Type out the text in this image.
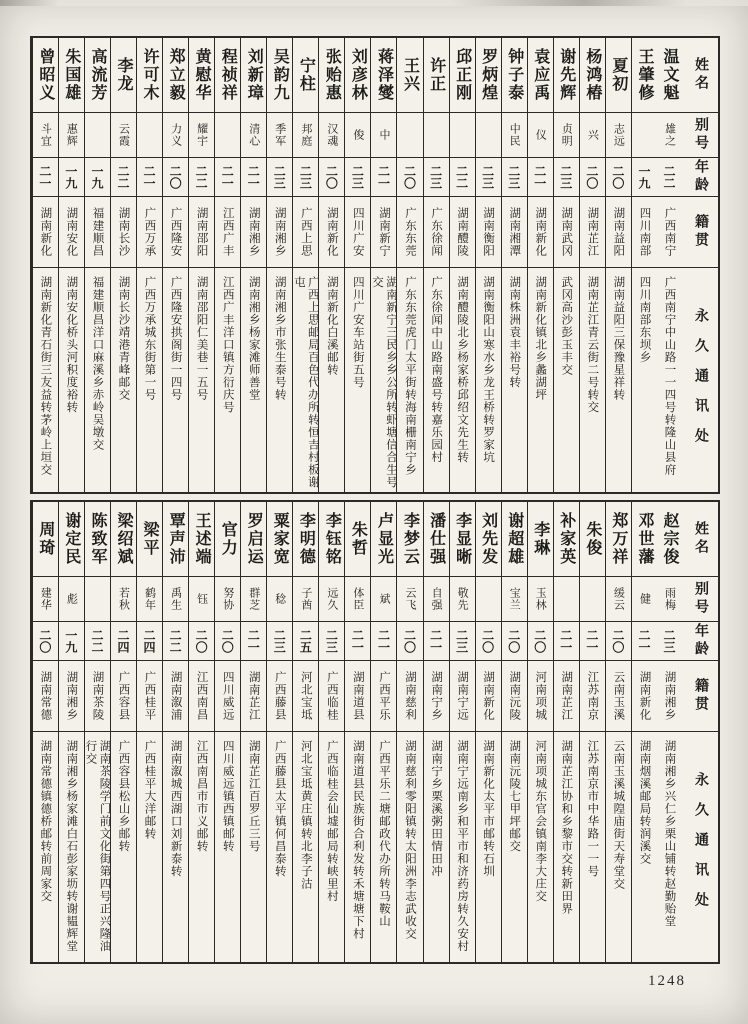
姓名
别号
年龄
籍贯
永久通讯处
温文魁
雄之
二二
广西南宁
广西南宁中山路一一四号转隆山县府
王肇修
一九
四川南部
四川南部东坝乡
夏初
志远
二〇
湖南益阳
湖南益阳三保豫星祥转
杨鸿椿
兴
二〇
湖南芷江
湖南芷江青云街二号转交
谢先辉
贞明
二三
湖南武冈
武冈高沙彭玉丰交
袁应禹
仪
二一
湖南新化
湖南新化镇北乡蠡湖坪
钟子泰
中民
二三
湖南湘潭
湖南株洲袁丰裕号转
罗炳煌
二三
湖南衡阳
湖南衡阳山寒水乡龙王桥转罗家坑
邱正刚
二二
湖南醴陵
湖南醴陵北乡杨家桥邱绍文先生转
许正
二三
广东徐闻
广东徐闻中山路南盛号转嘉乐园村
王兴
二〇
广东东莞
广东东莞虎门太平街转海南栅南宁乡
蒋泽燮
中
二一
湖南新宁
湖南新宁三民乡乡公所转虾塘信合生号交
刘彦林
俊
二三
四川广安
四川广安车站街五号
张贻惠
汉魂
二〇
湖南新化
湖南新化白溪邮转
宁柱
邦庭
二三
广西上思
广西上思邮局百色代办所转恒吉村板谢屯
吴韵九
季军
二三
湖南湘乡
湖南湘乡市张生泰号转
刘新璋
清心
二一
湖南湘乡
湖南湘乡杨家滩师善堂
程祯祥
二一
江西广丰
江西广丰洋口镇方衍庆号
黄慰华
耀宇
二二
湖南邵阳
湖南邵阳仁美巷一五号
郑立毅
力义
二〇
广西隆安
广西隆安拱阁街一四号
许可木
二一
广西万承
广西万承城东街第一号
李龙
云霞
二二
湖南长沙
湖南长沙靖港青峰邮交
高流芳
一九
福建顺昌
福建顺昌洋口麻溪乡赤岭吴墩交
朱国雄
惠辉
一九
湖南安化
湖南安化桥头河积度裕转
曾昭义
斗宜
二一
湖南新化
湖南新化青石街三友益转茅岭上垣交
姓名
别号
年龄
籍贯
永久通讯处
赵宗俊
雨梅
二三
湖南湘乡
湖南湘乡兴仁乡栗山铺转赵勤贻堂
邓世藩
健
二一
湖南新化
湖南烟溪邮局转润溪交
郑万祥
缓云
二〇
云南玉溪
云南玉溪城隍庙街天寿堂交
朱俊
二一
江苏南京
江苏南京市中华路一一号
补家英
二一
湖南芷江
湖南芷江协和乡黎市交转新田界
李琳
玉林
二〇
河南项城
河南项城东官会镇南李大庄交
谢超雄
宝兰
二〇
湖南沅陵
湖南沅陵七甲坪邮交
刘先发
二〇
湖南新化
湖南新化太平市邮转石圳
李显晰
敬先
二三
湖南宁远
湖南宁远南乡和平市和济药房转久安村
潘仕强
自强
二一
湖南宁乡
湖南宁乡栗溪粥田情田冲
李梦云
云飞
二〇
湖南慈利
湖南慈利零阳镇转太阳洲李志武收交
卢显光
斌
二一
广西平乐
广西平乐二塘邮政代办所转马鞍山
朱哲
体臣
二一
湖南道县
湖南道县民族街合利发转禾塘塘下村
李钰铭
远久
二三
广西临桂
广西临桂会仙墟邮局转峡里村
李明德
子酋
二五
河北宝坻
河北宝坻黄庄镇转北李子沽
粟家宽
稔
二三
广西藤县
广西藤县太平镇何昌泰转
罗启运
群芝
二一
湖南芷江
湖南芷江百罗丘三号
官力
努协
二〇
四川威远
四川威远镇西镇邮转
王述端
钰
二〇
江西南昌
江西南昌市市义邮转
覃声沛
禹生
二二
湖南溆浦
湖南溆城西湖口刘新泰转
梁平
鹤年
二四
广西桂平
广西桂平大洋邮转
梁绍斌
若秋
二四
广西容县
广西容县松山乡邮转
陈致军
二二
湖南茶陵
湖南茶陵学门前文化街第四号正兴隆油行交
谢定民
彪
一九
湖南湘乡
湖南湘乡杨家滩白石彭家坜转谢韫辉堂
周琦
建华
二〇
湖南常德
湖南常德镇德桥邮转前周家交
1248
